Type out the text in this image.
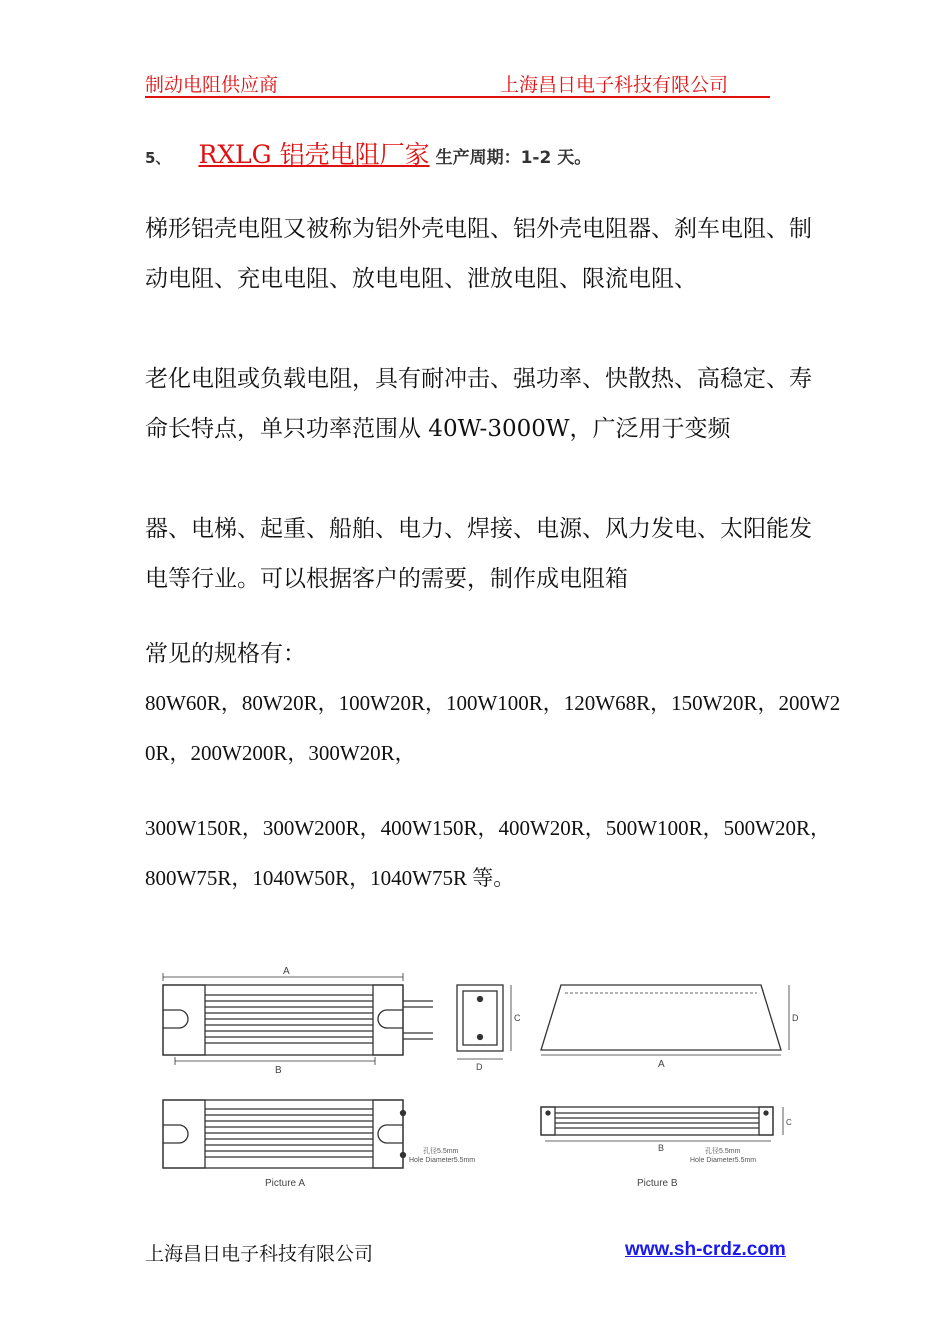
制动电阻供应商	上海昌日电子科技有限公司
5、 RXLG 铝壳电阻厂家 生产周期：1-2 天。
梯形铝壳电阻又被称为铝外壳电阻、铝外壳电阻器、刹车电阻、制
动电阻、充电电阻、放电电阻、泄放电阻、限流电阻、
老化电阻或负载电阻，具有耐冲击、强功率、快散热、高稳定、寿
命长特点，单只功率范围从 40W-3000W，广泛用于变频
器、电梯、起重、船舶、电力、焊接、电源、风力发电、太阳能发
电等行业。可以根据客户的需要，制作成电阻箱
常见的规格有：
80W60R，80W20R，100W20R，100W100R，120W68R，150W20R，200W2
0R，200W200R，300W20R，
300W150R，300W200R，400W150R，400W20R，500W100R，500W20R，
800W75R，1040W50R，1040W75R 等。
A
B
C
D	A
D
孔径5.5mm
Hole Diameter5.5mm
Picture A
B
C
孔径5.5mm
Hole Diameter5.5mm
Picture B
上海昌日电子科技有限公司	www.sh-crdz.com
